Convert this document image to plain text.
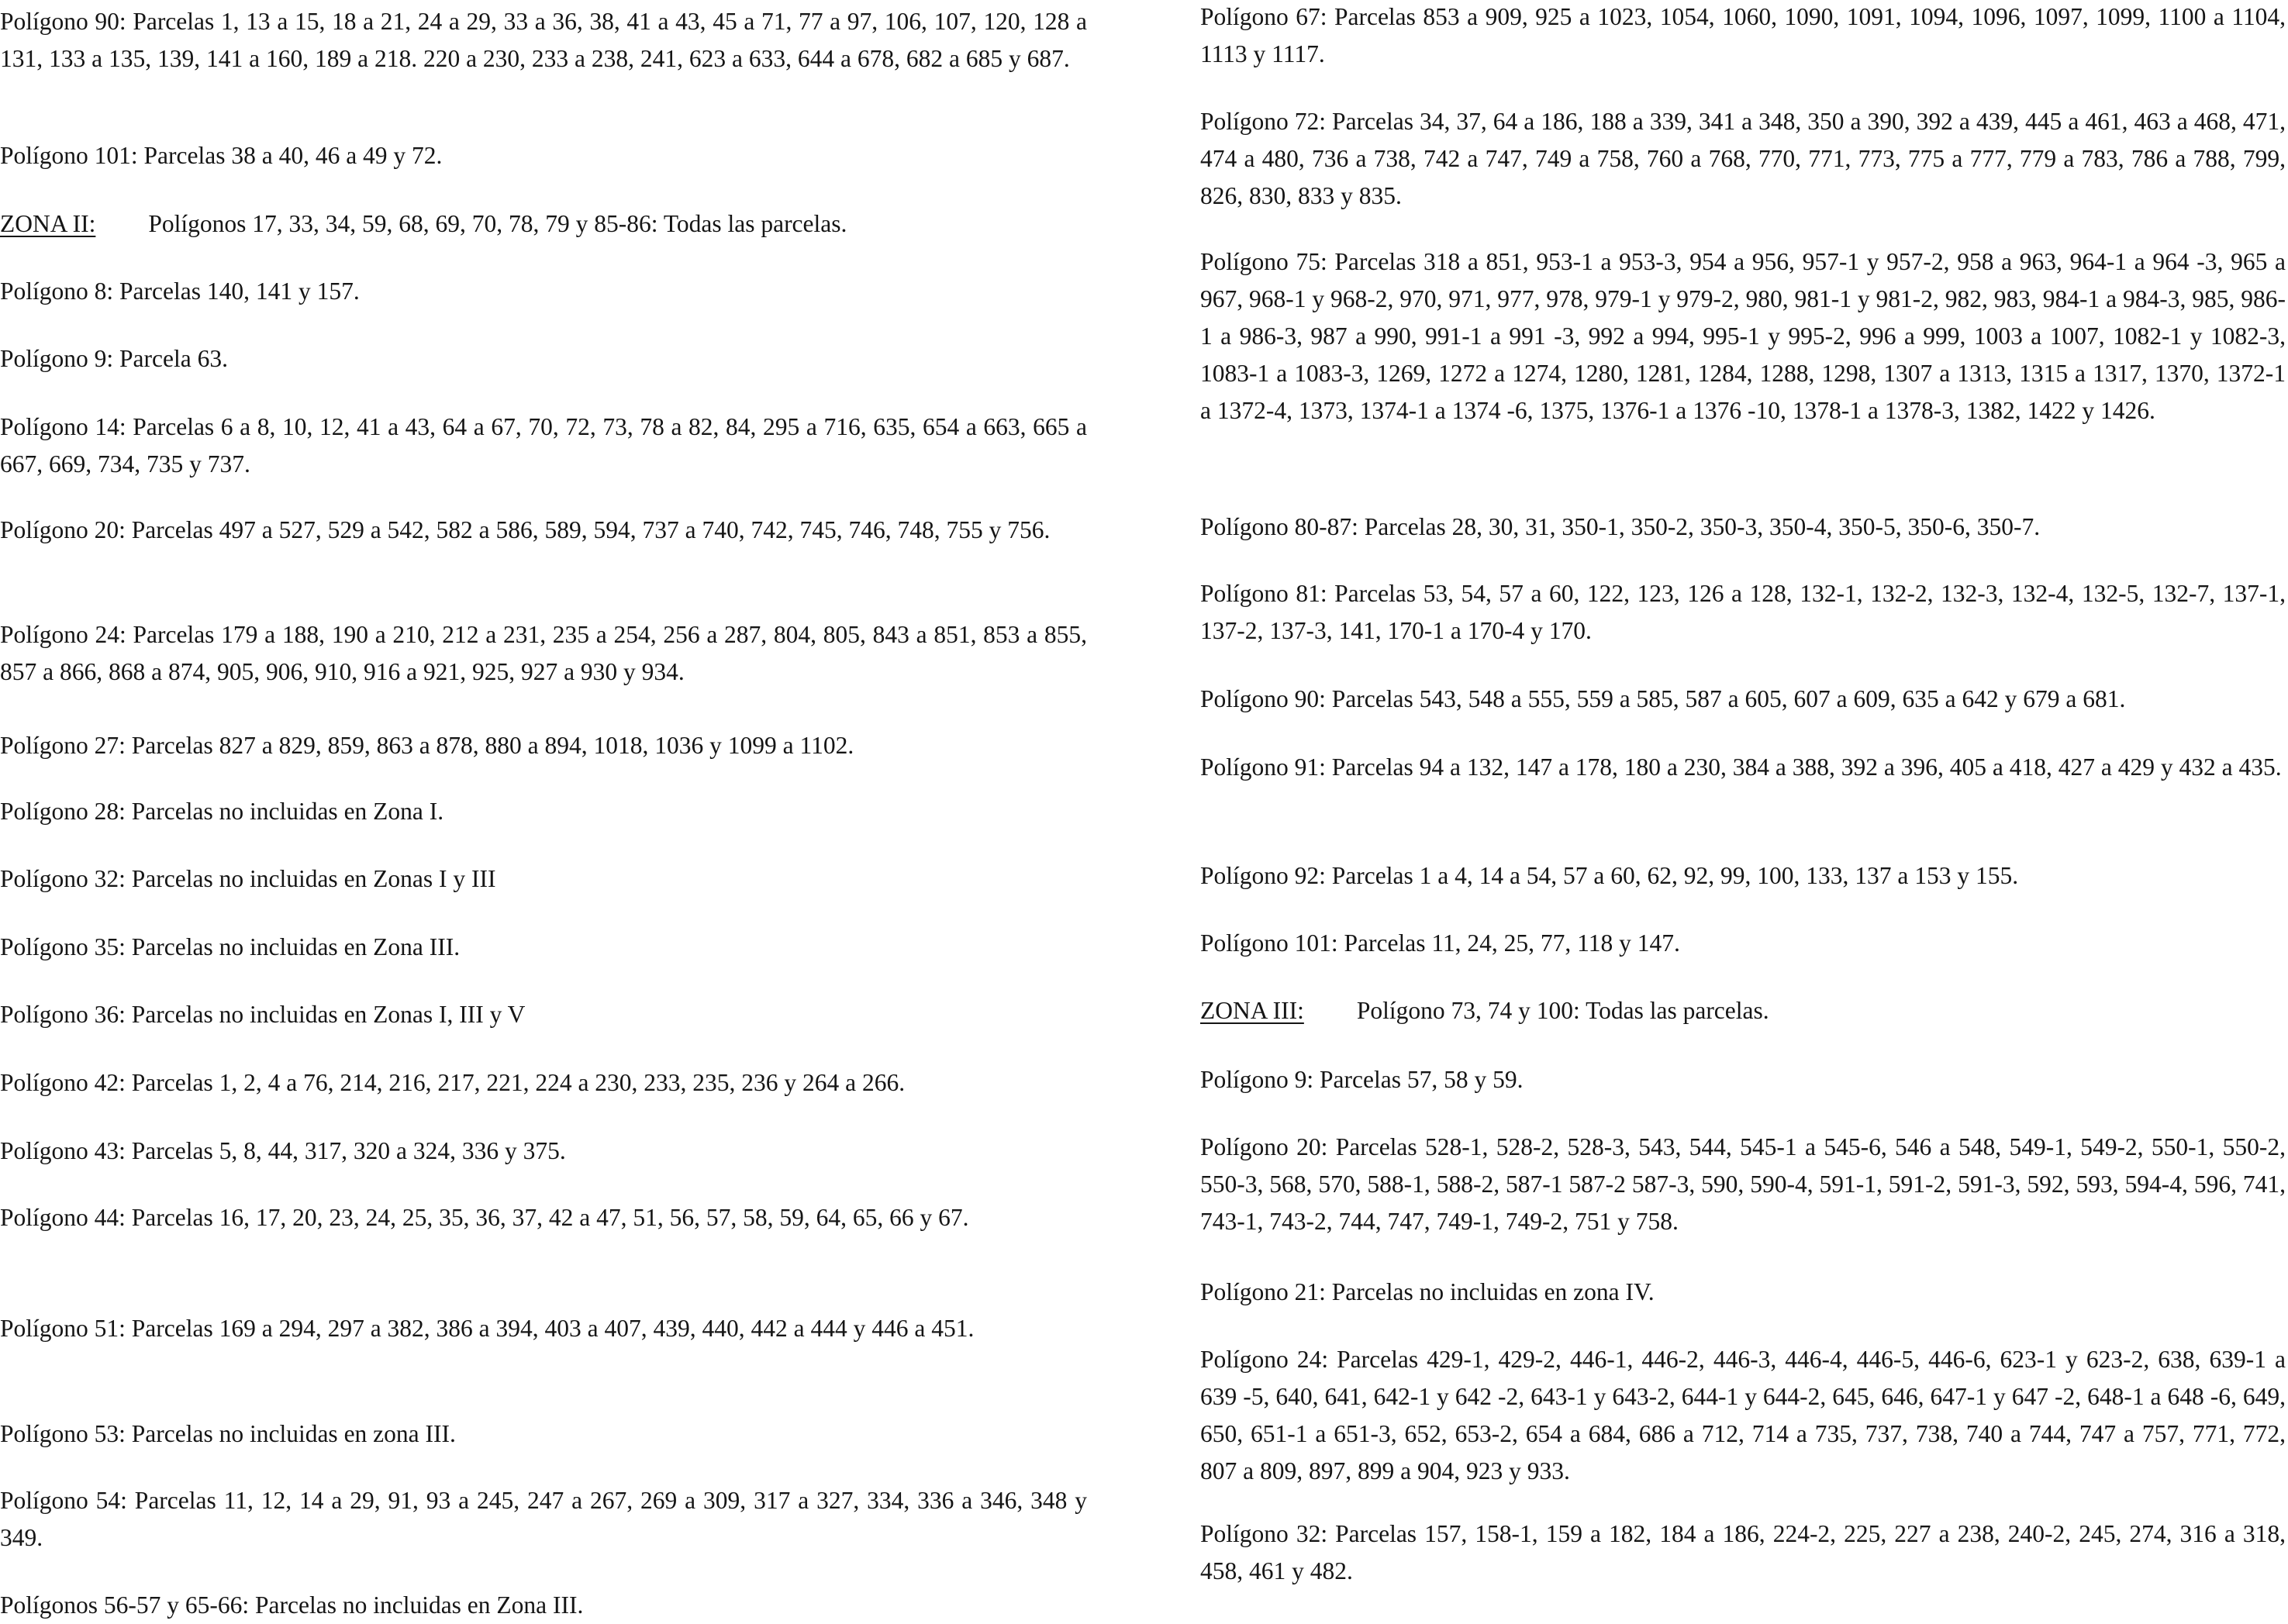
Polígono 90: Parcelas 1, 13 a 15, 18 a 21, 24 a 29, 33 a 36, 38, 41 a 43, 45 a 71, 77 a 97, 106, 107, 120, 128 a 131, 133 a 135, 139, 141 a 160, 189 a 218. 220 a 230, 233 a 238, 241, 623 a 633, 644 a 678, 682 a 685 y 687.

Polígono 101: Parcelas 38 a 40, 46 a 49 y 72.

ZONA II: Polígonos 17, 33, 34, 59, 68, 69, 70, 78, 79 y 85-86: Todas las parcelas.

Polígono 8: Parcelas 140, 141 y 157.

Polígono 9: Parcela 63.

Polígono 14: Parcelas 6 a 8, 10, 12, 41 a 43, 64 a 67, 70, 72, 73, 78 a 82, 84, 295 a 716, 635, 654 a 663, 665 a 667, 669, 734, 735 y 737.

Polígono 20: Parcelas 497 a 527, 529 a 542, 582 a 586, 589, 594, 737 a 740, 742, 745, 746, 748, 755 y 756.

Polígono 24: Parcelas 179 a 188, 190 a 210, 212 a 231, 235 a 254, 256 a 287, 804, 805, 843 a 851, 853 a 855, 857 a 866, 868 a 874, 905, 906, 910, 916 a 921, 925, 927 a 930 y 934.

Polígono 27: Parcelas 827 a 829, 859, 863 a 878, 880 a 894, 1018, 1036 y 1099 a 1102.

Polígono 28: Parcelas no incluidas en Zona I.

Polígono 32: Parcelas no incluidas en Zonas I y III

Polígono 35: Parcelas no incluidas en Zona III.

Polígono 36: Parcelas no incluidas en Zonas I, III y V

Polígono 42: Parcelas 1, 2, 4 a 76, 214, 216, 217, 221, 224 a 230, 233, 235, 236 y 264 a 266.

Polígono 43: Parcelas 5, 8, 44, 317, 320 a 324, 336 y 375.

Polígono 44: Parcelas 16, 17, 20, 23, 24, 25, 35, 36, 37, 42 a 47, 51, 56, 57, 58, 59, 64, 65, 66 y 67.

Polígono 51: Parcelas 169 a 294, 297 a 382, 386 a 394, 403 a 407, 439, 440, 442 a 444 y 446 a 451.

Polígono 53: Parcelas no incluidas en zona III.

Polígono 54: Parcelas 11, 12, 14 a 29, 91, 93 a 245, 247 a 267, 269 a 309, 317 a 327, 334, 336 a 346, 348 y 349.

Polígonos 56-57 y 65-66: Parcelas no incluidas en Zona III.

Polígono 67: Parcelas 853 a 909, 925 a 1023, 1054, 1060, 1090, 1091, 1094, 1096, 1097, 1099, 1100 a 1104, 1113 y 1117.

Polígono 72: Parcelas 34, 37, 64 a 186, 188 a 339, 341 a 348, 350 a 390, 392 a 439, 445 a 461, 463 a 468, 471, 474 a 480, 736 a 738, 742 a 747, 749 a 758, 760 a 768, 770, 771, 773, 775 a 777, 779 a 783, 786 a 788, 799, 826, 830, 833 y 835.

Polígono 75: Parcelas 318 a 851, 953-1 a 953-3, 954 a 956, 957-1 y 957-2, 958 a 963, 964-1 a 964 -3, 965 a 967, 968-1 y 968-2, 970, 971, 977, 978, 979-1 y 979-2, 980, 981-1 y 981-2, 982, 983, 984-1 a 984-3, 985, 986-1 a 986-3, 987 a 990, 991-1 a 991 -3, 992 a 994, 995-1 y 995-2, 996 a 999, 1003 a 1007, 1082-1 y 1082-3, 1083-1 a 1083-3, 1269, 1272 a 1274, 1280, 1281, 1284, 1288, 1298, 1307 a 1313, 1315 a 1317, 1370, 1372-1 a 1372-4, 1373, 1374-1 a 1374 -6, 1375, 1376-1 a 1376 -10, 1378-1 a 1378-3, 1382, 1422 y 1426.

Polígono 80-87: Parcelas 28, 30, 31, 350-1, 350-2, 350-3, 350-4, 350-5, 350-6, 350-7.

Polígono 81: Parcelas 53, 54, 57 a 60, 122, 123, 126 a 128, 132-1, 132-2, 132-3, 132-4, 132-5, 132-7, 137-1, 137-2, 137-3, 141, 170-1 a 170-4 y 170.

Polígono 90: Parcelas 543, 548 a 555, 559 a 585, 587 a 605, 607 a 609, 635 a 642 y 679 a 681.

Polígono 91: Parcelas 94 a 132, 147 a 178, 180 a 230, 384 a 388, 392 a 396, 405 a 418, 427 a 429 y 432 a 435.

Polígono 92: Parcelas 1 a 4, 14 a 54, 57 a 60, 62, 92, 99, 100, 133, 137 a 153 y 155.

Polígono 101: Parcelas 11, 24, 25, 77, 118 y 147.

ZONA III: Polígono 73, 74 y 100: Todas las parcelas.

Polígono 9: Parcelas 57, 58 y 59.

Polígono 20: Parcelas 528-1, 528-2, 528-3, 543, 544, 545-1 a 545-6, 546 a 548, 549-1, 549-2, 550-1, 550-2, 550-3, 568, 570, 588-1, 588-2, 587-1 587-2 587-3, 590, 590-4, 591-1, 591-2, 591-3, 592, 593, 594-4, 596, 741, 743-1, 743-2, 744, 747, 749-1, 749-2, 751 y 758.

Polígono 21: Parcelas no incluidas en zona IV.

Polígono 24: Parcelas 429-1, 429-2, 446-1, 446-2, 446-3, 446-4, 446-5, 446-6, 623-1 y 623-2, 638, 639-1 a 639 -5, 640, 641, 642-1 y 642 -2, 643-1 y 643-2, 644-1 y 644-2, 645, 646, 647-1 y 647 -2, 648-1 a 648 -6, 649, 650, 651-1 a 651-3, 652, 653-2, 654 a 684, 686 a 712, 714 a 735, 737, 738, 740 a 744, 747 a 757, 771, 772, 807 a 809, 897, 899 a 904, 923 y 933.

Polígono 32: Parcelas 157, 158-1, 159 a 182, 184 a 186, 224-2, 225, 227 a 238, 240-2, 245, 274, 316 a 318, 458, 461 y 482.
